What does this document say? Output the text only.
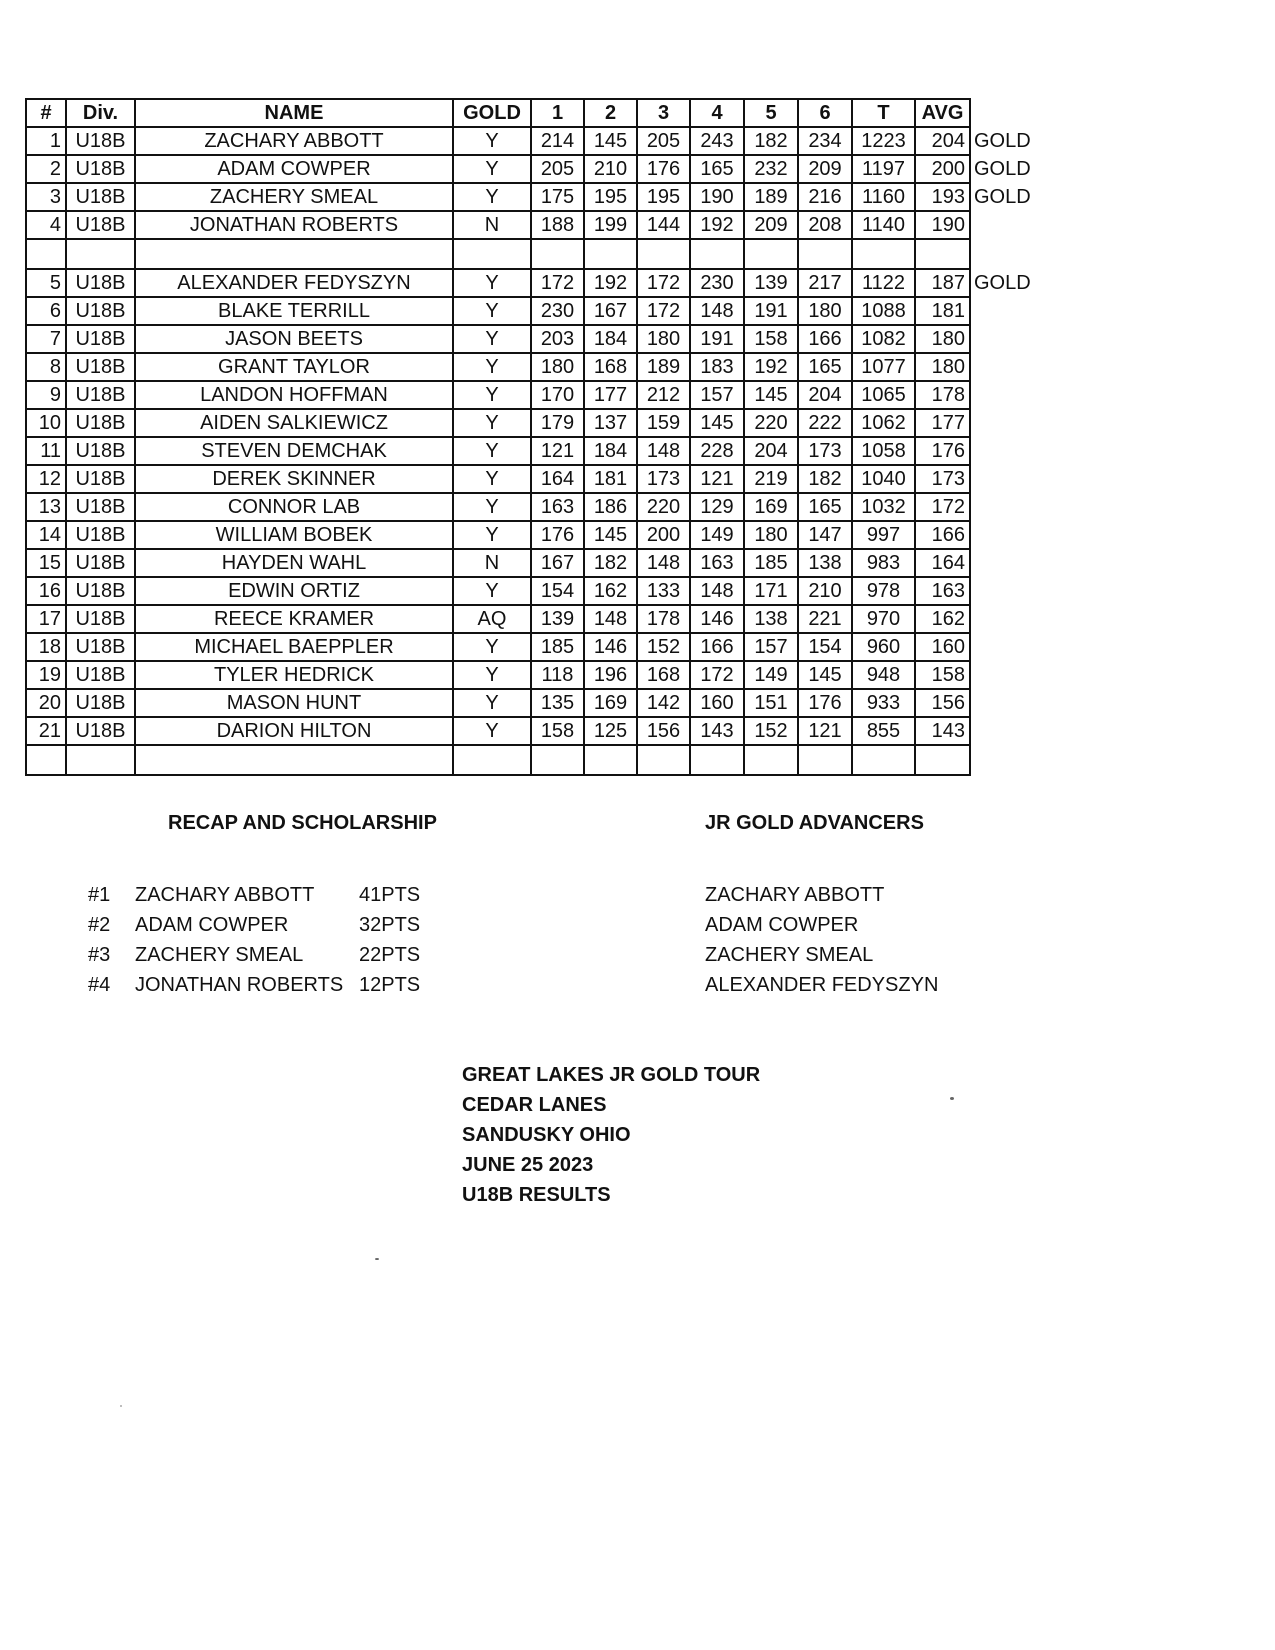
#	Div.	NAME	GOLD	1	2	3	4	5	6	T	AVG	
1	U18B	ZACHARY ABBOTT	Y	214	145	205	243	182	234	1223	204	GOLD
2	U18B	ADAM COWPER	Y	205	210	176	165	232	209	1197	200	GOLD
3	U18B	ZACHERY SMEAL	Y	175	195	195	190	189	216	1160	193	GOLD
4	U18B	JONATHAN ROBERTS	N	188	199	144	192	209	208	1140	190	

5	U18B	ALEXANDER FEDYSZYN	Y	172	192	172	230	139	217	1122	187	GOLD
6	U18B	BLAKE TERRILL	Y	230	167	172	148	191	180	1088	181	
7	U18B	JASON BEETS	Y	203	184	180	191	158	166	1082	180	
8	U18B	GRANT TAYLOR	Y	180	168	189	183	192	165	1077	180	
9	U18B	LANDON HOFFMAN	Y	170	177	212	157	145	204	1065	178	
10	U18B	AIDEN SALKIEWICZ	Y	179	137	159	145	220	222	1062	177	
11	U18B	STEVEN DEMCHAK	Y	121	184	148	228	204	173	1058	176	
12	U18B	DEREK SKINNER	Y	164	181	173	121	219	182	1040	173	
13	U18B	CONNOR LAB	Y	163	186	220	129	169	165	1032	172	
14	U18B	WILLIAM BOBEK	Y	176	145	200	149	180	147	997	166	
15	U18B	HAYDEN WAHL	N	167	182	148	163	185	138	983	164	
16	U18B	EDWIN ORTIZ	Y	154	162	133	148	171	210	978	163	
17	U18B	REECE KRAMER	AQ	139	148	178	146	138	221	970	162	
18	U18B	MICHAEL BAEPPLER	Y	185	146	152	166	157	154	960	160	
19	U18B	TYLER HEDRICK	Y	118	196	168	172	149	145	948	158	
20	U18B	MASON HUNT	Y	135	169	142	160	151	176	933	156	
21	U18B	DARION HILTON	Y	158	125	156	143	152	121	855	143	

RECAP AND SCHOLARSHIP

#1	ZACHARY ABBOTT	41PTS
#2	ADAM COWPER	32PTS
#3	ZACHERY SMEAL	22PTS
#4	JONATHAN ROBERTS 12PTS

JR GOLD ADVANCERS

ZACHARY ABBOTT
ADAM COWPER
ZACHERY SMEAL
ALEXANDER FEDYSZYN
GREAT LAKES JR GOLD TOUR
CEDAR LANES
SANDUSKY OHIO
JUNE 25 2023
U18B RESULTS
